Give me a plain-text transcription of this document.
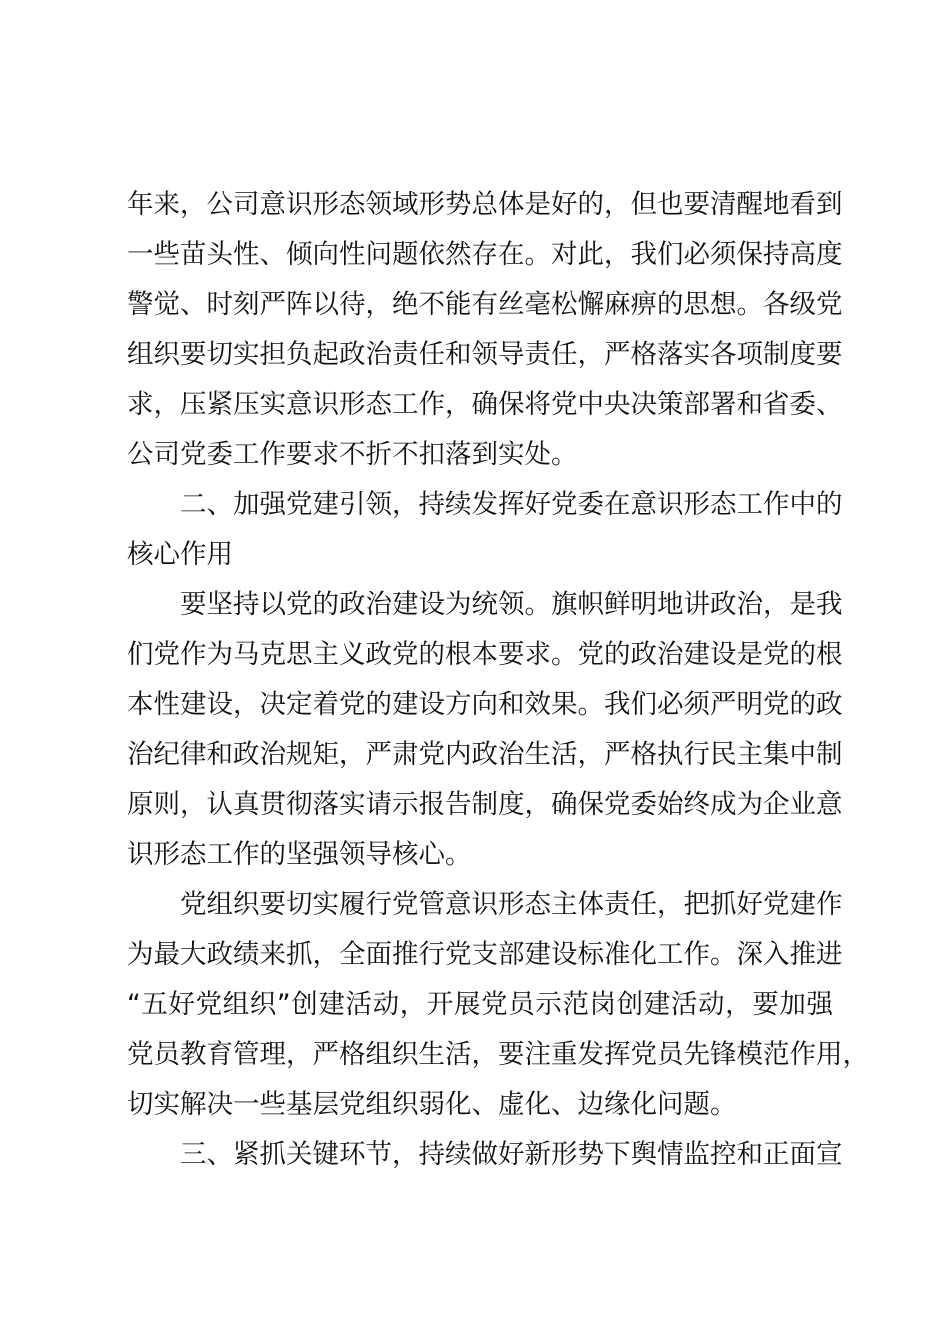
年来，公司意识形态领域形势总体是好的，但也要清醒地看到
一些苗头性、倾向性问题依然存在。对此，我们必须保持高度
警觉、时刻严阵以待，绝不能有丝毫松懈麻痹的思想。各级党
组织要切实担负起政治责任和领导责任，严格落实各项制度要
求，压紧压实意识形态工作，确保将党中央决策部署和省委、
公司党委工作要求不折不扣落到实处。
二、加强党建引领，持续发挥好党委在意识形态工作中的
核心作用
要坚持以党的政治建设为统领。旗帜鲜明地讲政治，是我
们党作为马克思主义政党的根本要求。党的政治建设是党的根
本性建设，决定着党的建设方向和效果。我们必须严明党的政
治纪律和政治规矩，严肃党内政治生活，严格执行民主集中制
原则，认真贯彻落实请示报告制度，确保党委始终成为企业意
识形态工作的坚强领导核心。
党组织要切实履行党管意识形态主体责任，把抓好党建作
为最大政绩来抓，全面推行党支部建设标准化工作。深入推进
“五好党组织”创建活动，开展党员示范岗创建活动，要加强
党员教育管理，严格组织生活，要注重发挥党员先锋模范作用，
切实解决一些基层党组织弱化、虚化、边缘化问题。
三、紧抓关键环节，持续做好新形势下舆情监控和正面宣
